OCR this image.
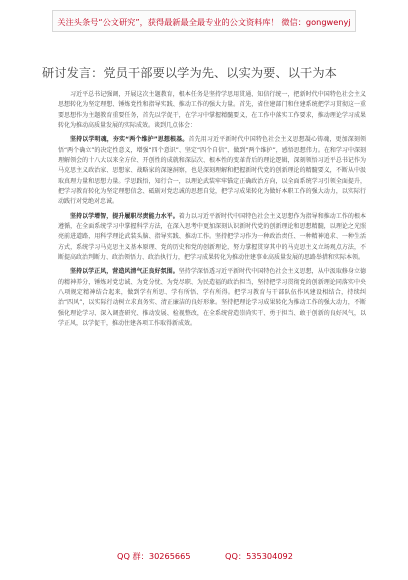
关注头条号“公文研究”，获得最新最全最专业的公文资料库！ 微信：gongwenyj
研讨发言：党员干部要以学为先、以实为要、以干为本

习近平总书记强调，开展这次主题教育，根本任务是坚持学思用贯通、知信行统一，把新时代中国特色社会主义思想转化为坚定理想、锤炼党性和指导实践、推动工作的强大力量。首先，省住建部门和住建系统把学习贯彻这一重要思想作为主题教育重要任务，首先以学促干，在学习中掌握精髓要义，在工作中落实工作要求，推动理论学习成果转化为推动高质量发展的实际成效。谈到几点体会：

坚持以学明魂，夯实“两个维护”思想根基。首先用习近平新时代中国特色社会主义思想凝心铸魂，更加深刻领悟“两个确立”的决定性意义，增强“四个意识”、坚定“四个自信”、做到“两个维护”，感悟思想伟力。在和学习中深刻理解领会的十八大以来全方位、开创性的成就和深层次、根本性的变革背后的理论逻辑，深刻领悟习近平总书记作为马克思主义政治家、思想家、战略家的深邃洞察，也是深刻理解和把握新时代党的创新理论的精髓要义，不断从中汲取真理力量和思想力量。学思践悟，知行合一，以理论武装牢牢锚定正确政治方向，以全面系统学习引领全面提升，把学习教育转化为坚定理想信念、砥砺对党忠诚的思想自觉，把学习成果转化为做好本职工作的强大动力，以实际行动践行对党绝对忠诚。

坚持以学增智，提升履职尽责能力水平。着力以习近平新时代中国特色社会主义思想作为指导和推动工作的根本遵循，在全面系统学习中掌握科学方法，在深入思考中更加深刻认识新时代党的创新理论和思想精髓，以理论之光照亮前进道路，用科学理论武装头脑、指导实践、推动工作。坚持把学习作为一种政治责任、一种精神追求、一种生活方式，系统学习马克思主义基本原理、党的历史和党的创新理论，努力掌握贯穿其中的马克思主义立场观点方法，不断提高政治判断力、政治领悟力、政治执行力，把学习成果转化为推动住建事业高质量发展的思路举措和实际本领。

坚持以学正风，营造风清气正良好氛围。坚持学深悟透习近平新时代中国特色社会主义思想，从中汲取修身立德的精神养分，锤炼对党忠诚、为党分忧、为党尽职、为民造福的政治担当，坚持把学习贯彻党的创新理论同落实中央八项规定精神结合起来，做到学有所思、学有所悟、学有所得。把学习教育与干部队伍作风建设相结合，持续纠治“四风”，以实际行动树立求真务实、清正廉洁的良好形象。坚持把理论学习成果转化为推动工作的强大动力，不断强化理论学习、深入调查研究、推动发展、检视整改，在全系统营造崇尚实干、勇于担当、敢于创新的良好风气，以学正风，以学促干，推动住建各项工作取得新成效。

QQ 群：30265665	QQ：535304092
